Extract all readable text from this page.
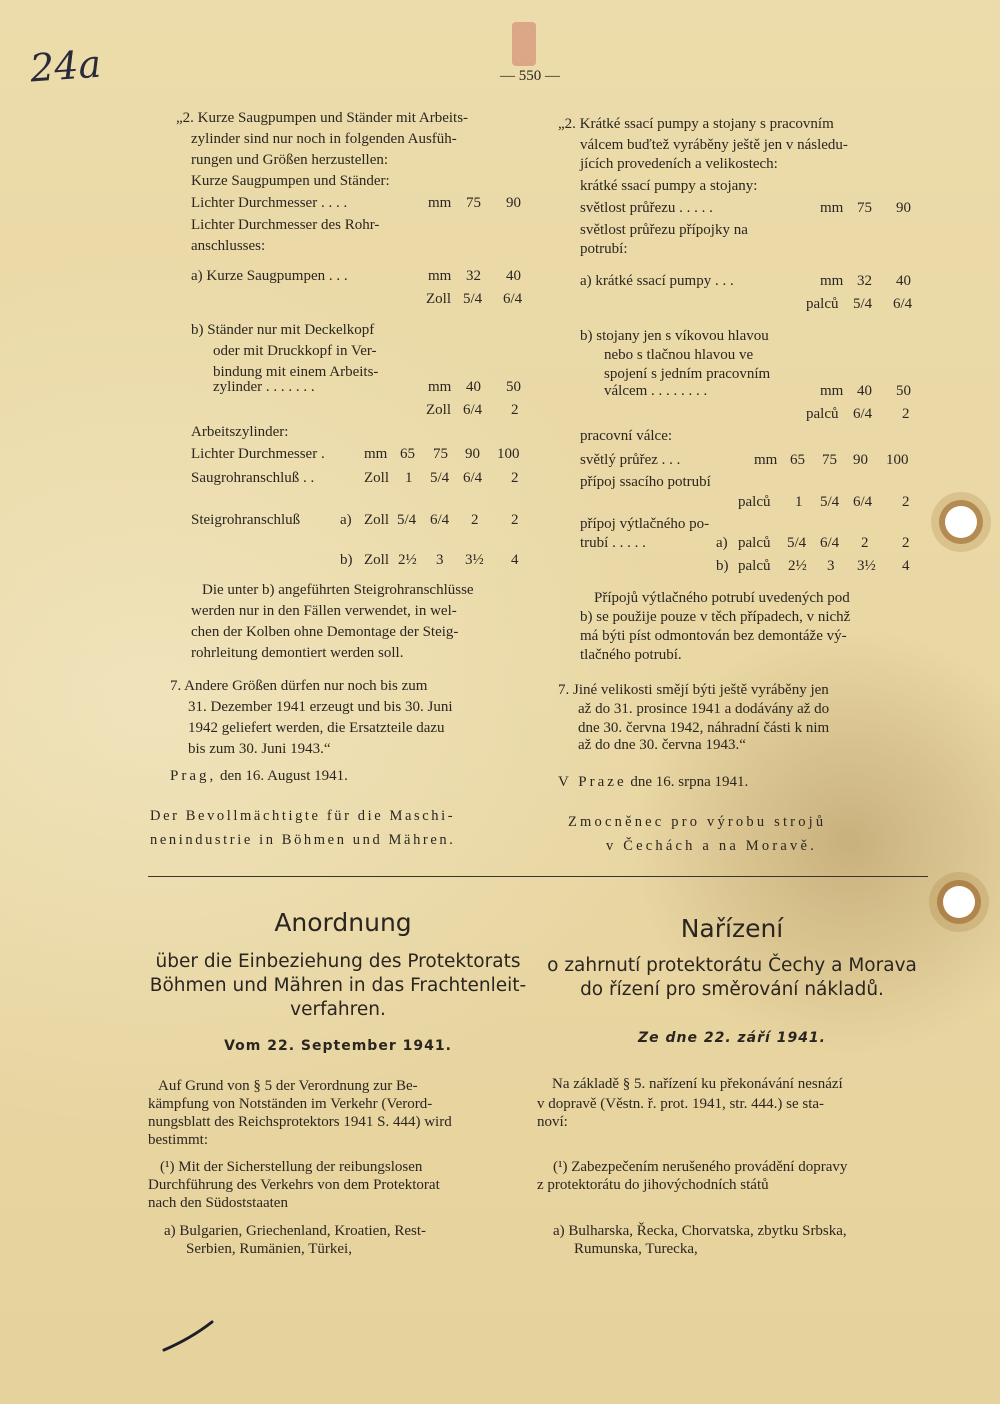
24a	— 550 —
„2. Kurze Saugpumpen und Ständer mit Arbeits-
zylinder sind nur noch in folgenden Ausfüh-
rungen und Größen herzustellen:
Kurze Saugpumpen und Ständer:
Lichter Durchmesser . . . .	mm 75 90
Lichter Durchmesser des Rohr-
anschlusses:
a) Kurze Saugpumpen . . .	mm 32 40
Zoll 5/4 6/4
b) Ständer nur mit Deckelkopf
oder mit Druckkopf in Ver-
bindung mit einem Arbeits-
zylinder . . . . . . .	mm 40 50
Zoll 6/4 2
Arbeitszylinder:
Lichter Durchmesser .	mm 65 75 90 100
Saugrohranschluß . .	Zoll 1 5/4 6/4 2
Steigrohranschluß	a) Zoll 5/4 6/4 2 2
b) Zoll 2½ 3 3½ 4
Die unter b) angeführten Steigrohranschlüsse
werden nur in den Fällen verwendet, in wel-
chen der Kolben ohne Demontage der Steig-
rohrleitung demontiert werden soll.
7. Andere Größen dürfen nur noch bis zum
31. Dezember 1941 erzeugt und bis 30. Juni
1942 geliefert werden, die Ersatzteile dazu
bis zum 30. Juni 1943.“
Prag, den 16. August 1941.
Der Bevollmächtigte für die Maschi-
nenindustrie in Böhmen und Mähren.
„2. Krátké ssací pumpy a stojany s pracovním
válcem buďtež vyráběny ještě jen v následu-
jících provedeních a velikostech:
krátké ssací pumpy a stojany:
světlost průřezu . . . . .	mm 75 90
světlost průřezu přípojky na
potrubí:
a) krátké ssací pumpy . . .	mm 32 40
palců 5/4 6/4
b) stojany jen s víkovou hlavou
nebo s tlačnou hlavou ve
spojení s jedním pracovním
válcem . . . . . . . .	mm 40 50
palců 6/4 2
pracovní válce:
světlý průřez . . .	mm 65 75 90 100
přípoj ssacího potrubí
palců 1 5/4 6/4 2
přípoj výtlačného po-
trubí . . . . .	a) palců 5/4 6/4 2 2
b) palců 2½ 3 3½ 4
Přípojů výtlačného potrubí uvedených pod
b) se použije pouze v těch případech, v nichž
má býti píst odmontován bez demontáže vý-
tlačného potrubí.
7. Jiné velikosti smějí býti ještě vyráběny jen
až do 31. prosince 1941 a dodávány až do
dne 30. června 1942, náhradní části k nim
až do dne 30. června 1943.“
V Praze dne 16. srpna 1941.
Zmocněnec pro výrobu strojů
v Čechách a na Moravě.
Anordnung
über die Einbeziehung des Protektorats
Böhmen und Mähren in das Frachtenleit-
verfahren.
Vom 22. September 1941.
Auf Grund von § 5 der Verordnung zur Be-
kämpfung von Notständen im Verkehr (Verord-
nungsblatt des Reichsprotektors 1941 S. 444) wird
bestimmt:
(¹) Mit der Sicherstellung der reibungslosen
Durchführung des Verkehrs von dem Protektorat
nach den Südoststaaten
a) Bulgarien, Griechenland, Kroatien, Rest-
Serbien, Rumänien, Türkei,
Nařízení
o zahrnutí protektorátu Čechy a Morava
do řízení pro směrování nákladů.
Ze dne 22. září 1941.
Na základě § 5. nařízení ku překonávání nesnází
v dopravě (Věstn. ř. prot. 1941, str. 444.) se sta-
noví:
(¹) Zabezpečením nerušeného provádění dopravy
z protektorátu do jihovýchodních států
a) Bulharska, Řecka, Chorvatska, zbytku Srbska,
Rumunska, Turecka,
